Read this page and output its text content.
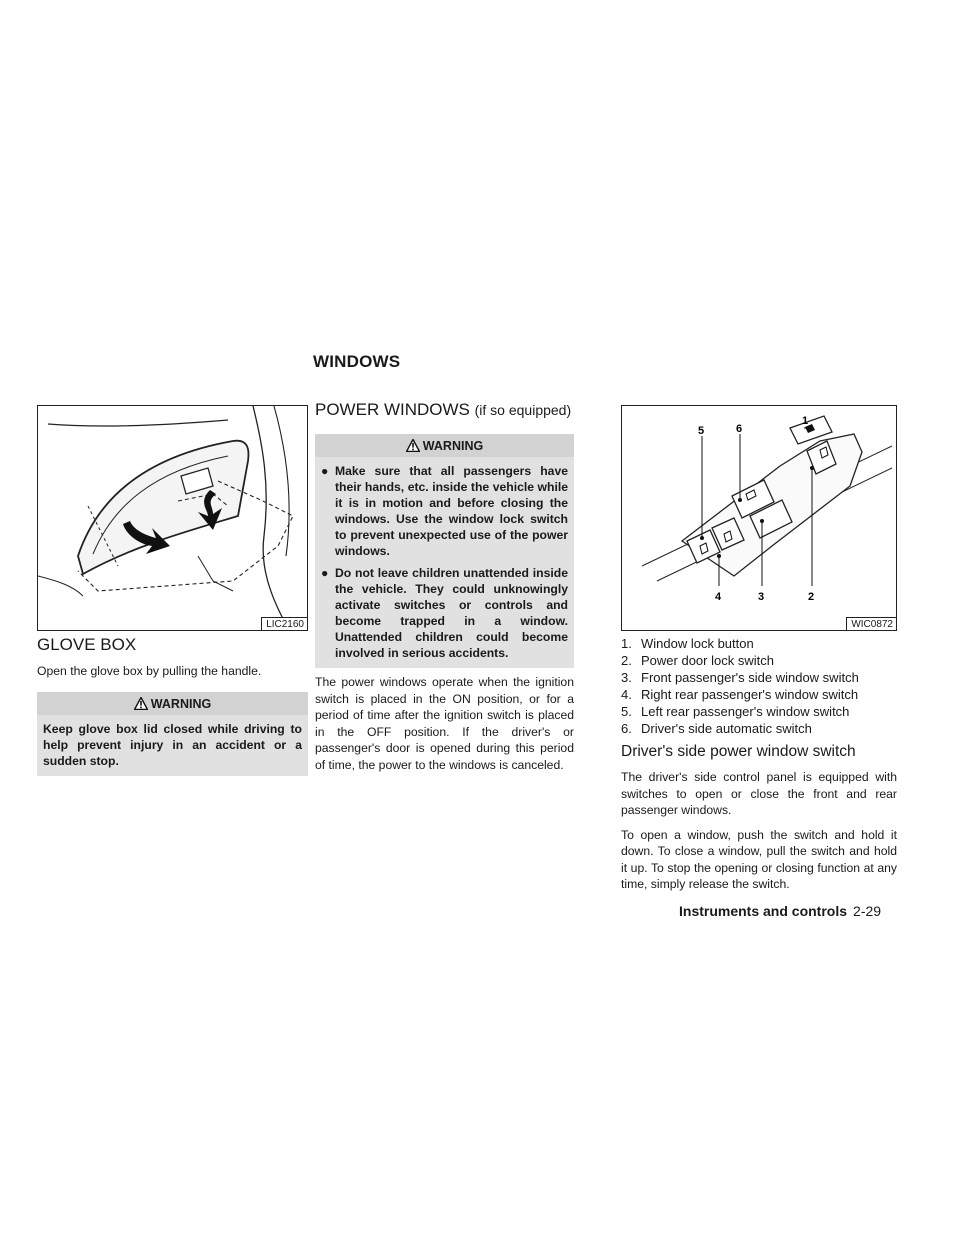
WINDOWS
LIC2160
GLOVE BOX

Open the glove box by pulling the handle.

WARNING
Keep glove box lid closed while driving to help prevent injury in an accident or a sudden stop.
POWER WINDOWS (if so equipped)
WARNING
● Make sure that all passengers have their hands, etc. inside the vehicle while it is in motion and before closing the windows. Use the window lock switch to prevent unexpected use of the power windows.
● Do not leave children unattended inside the vehicle. They could unknowingly activate switches or controls and become trapped in a window. Unattended children could become involved in serious accidents.

The power windows operate when the ignition switch is placed in the ON position, or for a period of time after the ignition switch is placed in the OFF position. If the driver's or passenger's door is opened during this period of time, the power to the windows is canceled.

5	6
1
4	3	2
WIC0872
1. Window lock button
2. Power door lock switch
3. Front passenger's side window switch
4. Right rear passenger's window switch
5. Left rear passenger's window switch
6. Driver's side automatic switch
Driver's side power window switch

The driver's side control panel is equipped with switches to open or close the front and rear passenger windows.

To open a window, push the switch and hold it down. To close a window, pull the switch and hold it up. To stop the opening or closing function at any time, simply release the switch.

Instruments and controls 2-29
